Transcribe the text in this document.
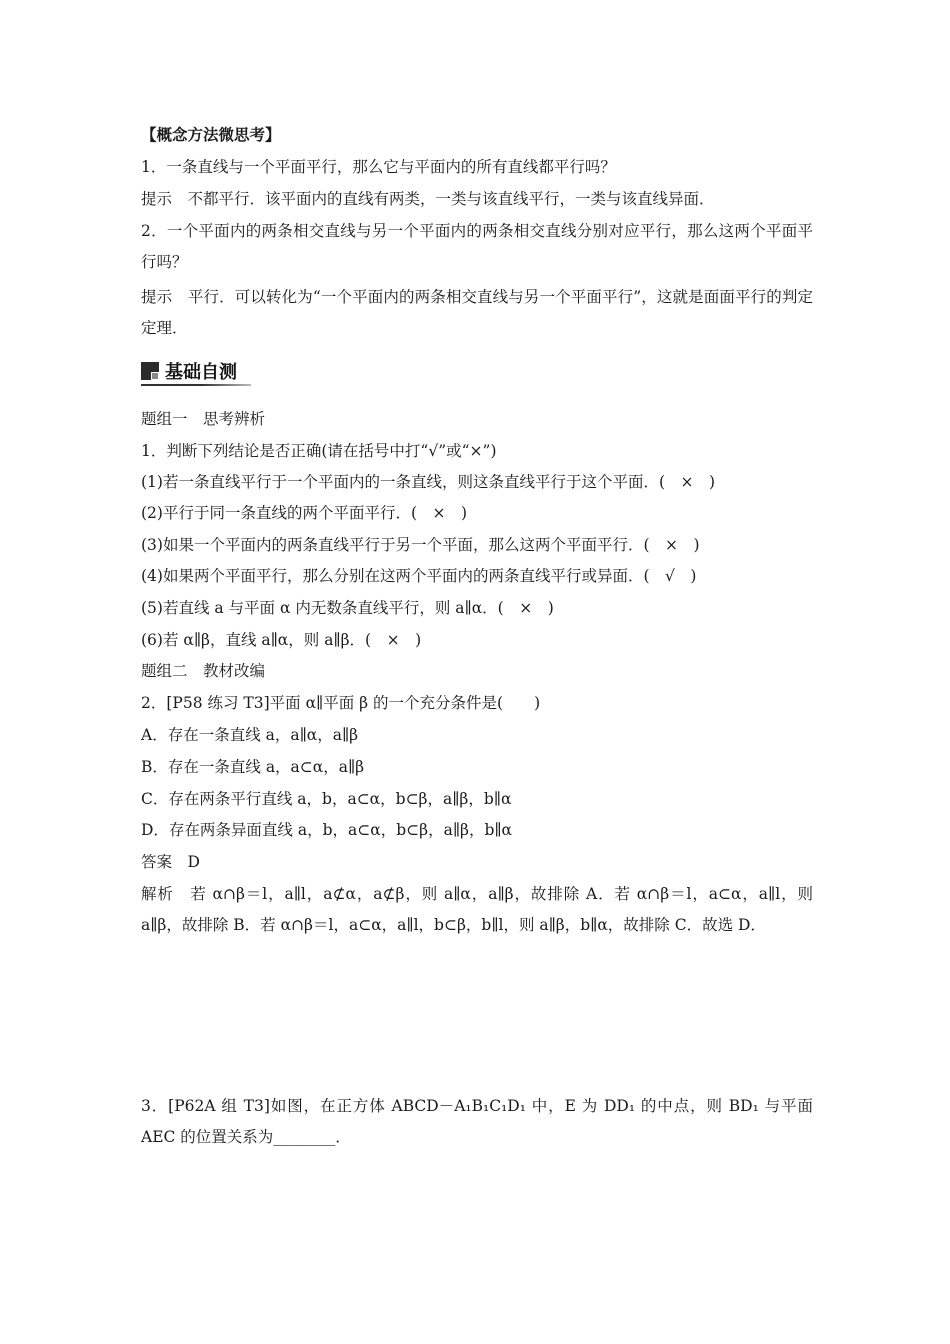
【概念方法微思考】
1．一条直线与一个平面平行，那么它与平面内的所有直线都平行吗？
提示　不都平行．该平面内的直线有两类，一类与该直线平行，一类与该直线异面．
2．一个平面内的两条相交直线与另一个平面内的两条相交直线分别对应平行，那么这两个平面平行吗？
提示　平行．可以转化为“一个平面内的两条相交直线与另一个平面平行”，这就是面面平行的判定定理．
基础自测
题组一　思考辨析
1．判断下列结论是否正确(请在括号中打“√”或“×”)
(1)若一条直线平行于一个平面内的一条直线，则这条直线平行于这个平面．(　×　)
(2)平行于同一条直线的两个平面平行．(　×　)
(3)如果一个平面内的两条直线平行于另一个平面，那么这两个平面平行．(　×　)
(4)如果两个平面平行，那么分别在这两个平面内的两条直线平行或异面．(　√　)
(5)若直线 a 与平面 α 内无数条直线平行，则 a∥α．(　×　)
(6)若 α∥β，直线 a∥α，则 a∥β．(　×　)
题组二　教材改编
2．[P58 练习 T3]平面 α∥平面 β 的一个充分条件是(　　)
A．存在一条直线 a，a∥α，a∥β
B．存在一条直线 a，a⊂α，a∥β
C．存在两条平行直线 a，b，a⊂α，b⊂β，a∥β，b∥α
D．存在两条异面直线 a，b，a⊂α，b⊂β，a∥β，b∥α
答案　D
解析　若 α∩β＝l，a∥l，a⊄α，a⊄β，则 a∥α，a∥β，故排除 A．若 α∩β＝l，a⊂α，a∥l，则 a∥β，故排除 B．若 α∩β＝l，a⊂α，a∥l，b⊂β，b∥l，则 a∥β，b∥α，故排除 C．故选 D．
3．[P62A 组 T3]如图，在正方体 ABCD－A₁B₁C₁D₁ 中，E 为 DD₁ 的中点，则 BD₁ 与平面 AEC 的位置关系为________．
